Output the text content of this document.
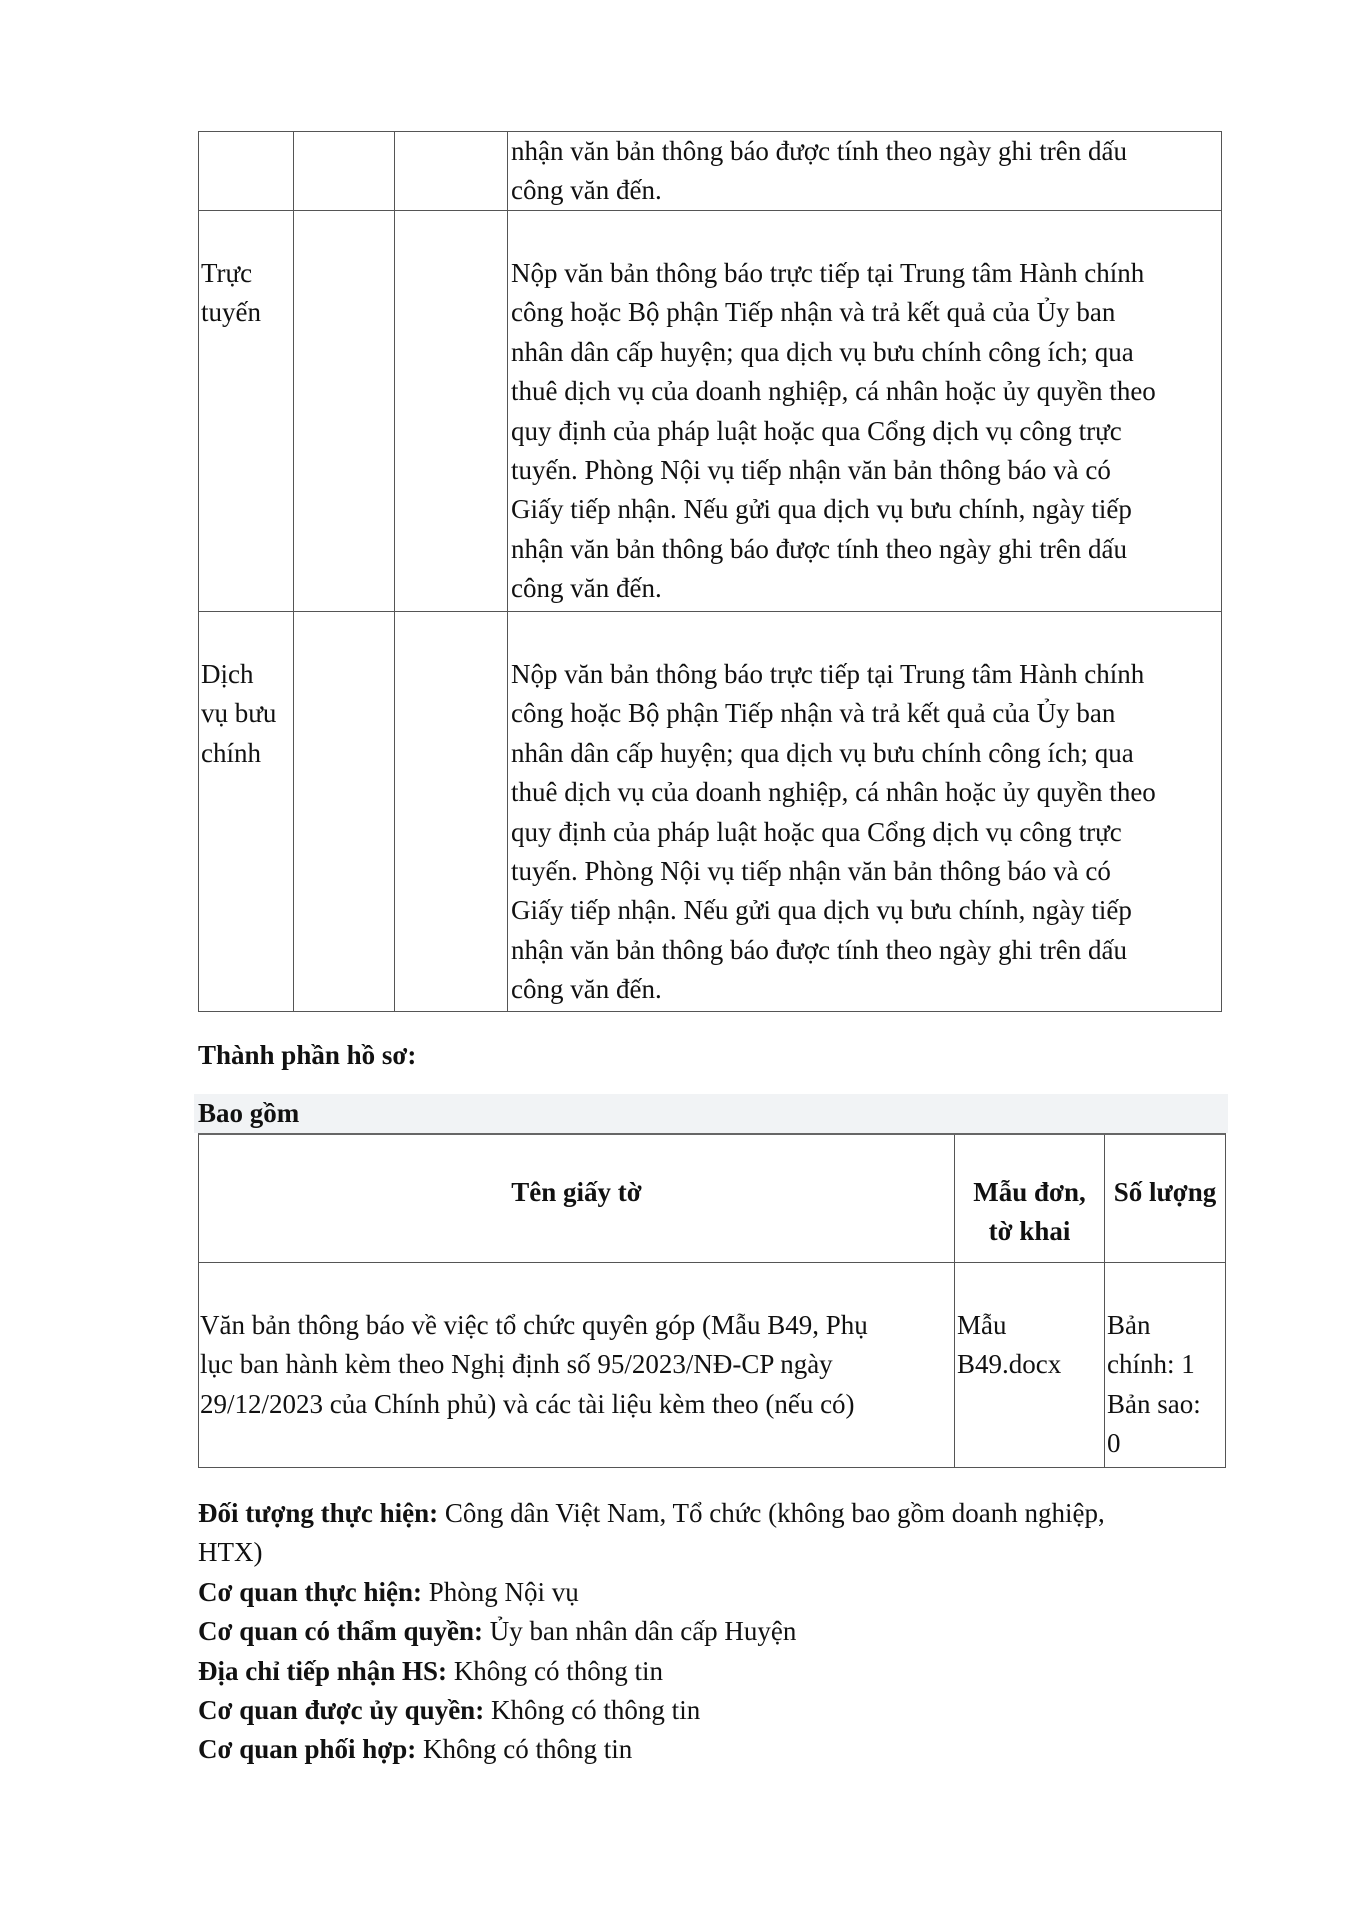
nhận văn bản thông báo được tính theo ngày ghi trên dấu
công văn đến.
Trực
tuyến
Nộp văn bản thông báo trực tiếp tại Trung tâm Hành chính
công hoặc Bộ phận Tiếp nhận và trả kết quả của Ủy ban
nhân dân cấp huyện; qua dịch vụ bưu chính công ích; qua
thuê dịch vụ của doanh nghiệp, cá nhân hoặc ủy quyền theo
quy định của pháp luật hoặc qua Cổng dịch vụ công trực
tuyến. Phòng Nội vụ tiếp nhận văn bản thông báo và có
Giấy tiếp nhận. Nếu gửi qua dịch vụ bưu chính, ngày tiếp
nhận văn bản thông báo được tính theo ngày ghi trên dấu
công văn đến.
Dịch
vụ bưu
chính
Nộp văn bản thông báo trực tiếp tại Trung tâm Hành chính
công hoặc Bộ phận Tiếp nhận và trả kết quả của Ủy ban
nhân dân cấp huyện; qua dịch vụ bưu chính công ích; qua
thuê dịch vụ của doanh nghiệp, cá nhân hoặc ủy quyền theo
quy định của pháp luật hoặc qua Cổng dịch vụ công trực
tuyến. Phòng Nội vụ tiếp nhận văn bản thông báo và có
Giấy tiếp nhận. Nếu gửi qua dịch vụ bưu chính, ngày tiếp
nhận văn bản thông báo được tính theo ngày ghi trên dấu
công văn đến.
Thành phần hồ sơ:
Bao gồm
Tên giấy tờ	Mẫu đơn,
tờ khai
Số lượng
Văn bản thông báo về việc tổ chức quyên góp (Mẫu B49, Phụ
lục ban hành kèm theo Nghị định số 95/2023/NĐ-CP ngày
29/12/2023 của Chính phủ) và các tài liệu kèm theo (nếu có)
Mẫu
B49.docx
Bản
chính: 1
Bản sao:
0
Đối tượng thực hiện: Công dân Việt Nam, Tổ chức (không bao gồm doanh nghiệp,
HTX)
Cơ quan thực hiện: Phòng Nội vụ
Cơ quan có thẩm quyền: Ủy ban nhân dân cấp Huyện
Địa chỉ tiếp nhận HS: Không có thông tin
Cơ quan được ủy quyền: Không có thông tin
Cơ quan phối hợp: Không có thông tin
